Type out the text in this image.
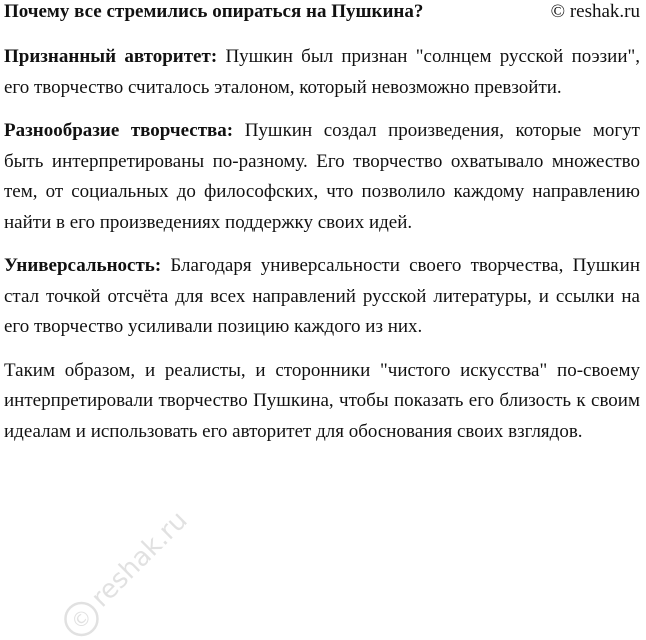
Почему все стремились опираться на Пушкина?	© reshak.ru

Признанный авторитет: Пушкин был признан "солнцем русской поэзии", его творчество считалось эталоном, который невозможно превзойти.

Разнообразие творчества: Пушкин создал произведения, которые могут быть интерпретированы по-разному. Его творчество охватывало множество тем, от социальных до философских, что позволило каждому направлению найти в его произведениях поддержку своих идей.

Универсальность: Благодаря универсальности своего творчества, Пушкин стал точкой отсчёта для всех направлений русской литературы, и ссылки на его творчество усиливали позицию каждого из них.

Таким образом, и реалисты, и сторонники "чистого искусства" по-своему интерпретировали творчество Пушкина, чтобы показать его близость к своим идеалам и использовать его авторитет для обоснования своих взглядов.

©
reshak.ru
